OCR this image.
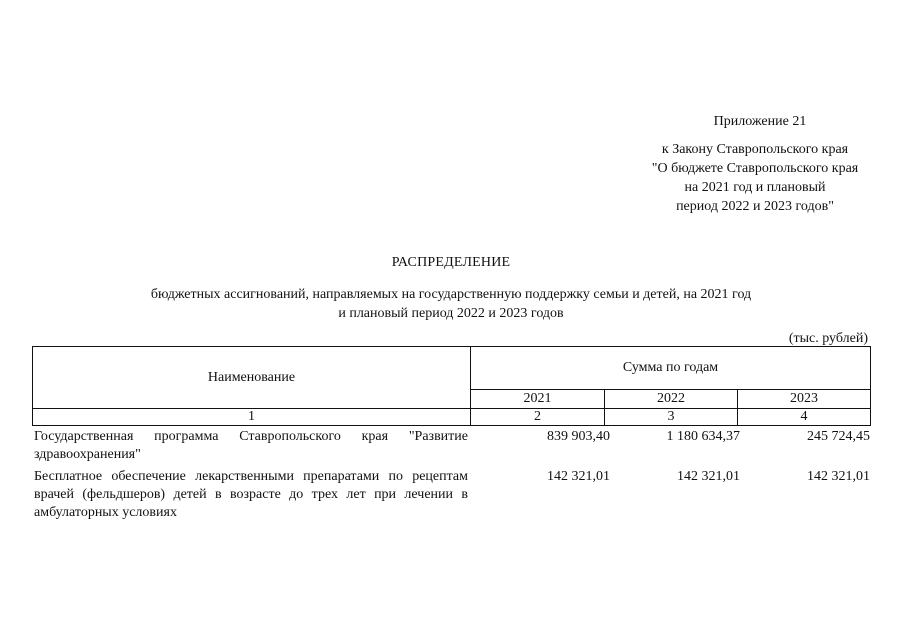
Приложение 21
к Закону Ставропольского края
"О бюджете Ставропольского края
на 2021 год и плановый
период 2022 и 2023 годов"
РАСПРЕДЕЛЕНИЕ
бюджетных ассигнований, направляемых на государственную поддержку семьи и детей, на 2021 год
и плановый период 2022 и 2023 годов
(тыс. рублей)
Наименование	Сумма по годам		
	2021	2022	2023
1	2	3	4
Государственная программа Ставропольского края "Развитие здравоохранения"	839 903,40	1 180 634,37	245 724,45
Бесплатное обеспечение лекарственными препаратами по рецептам врачей (фельдшеров) детей в возрасте до трех лет при лечении в амбулаторных условиях	142 321,01	142 321,01	142 321,01
